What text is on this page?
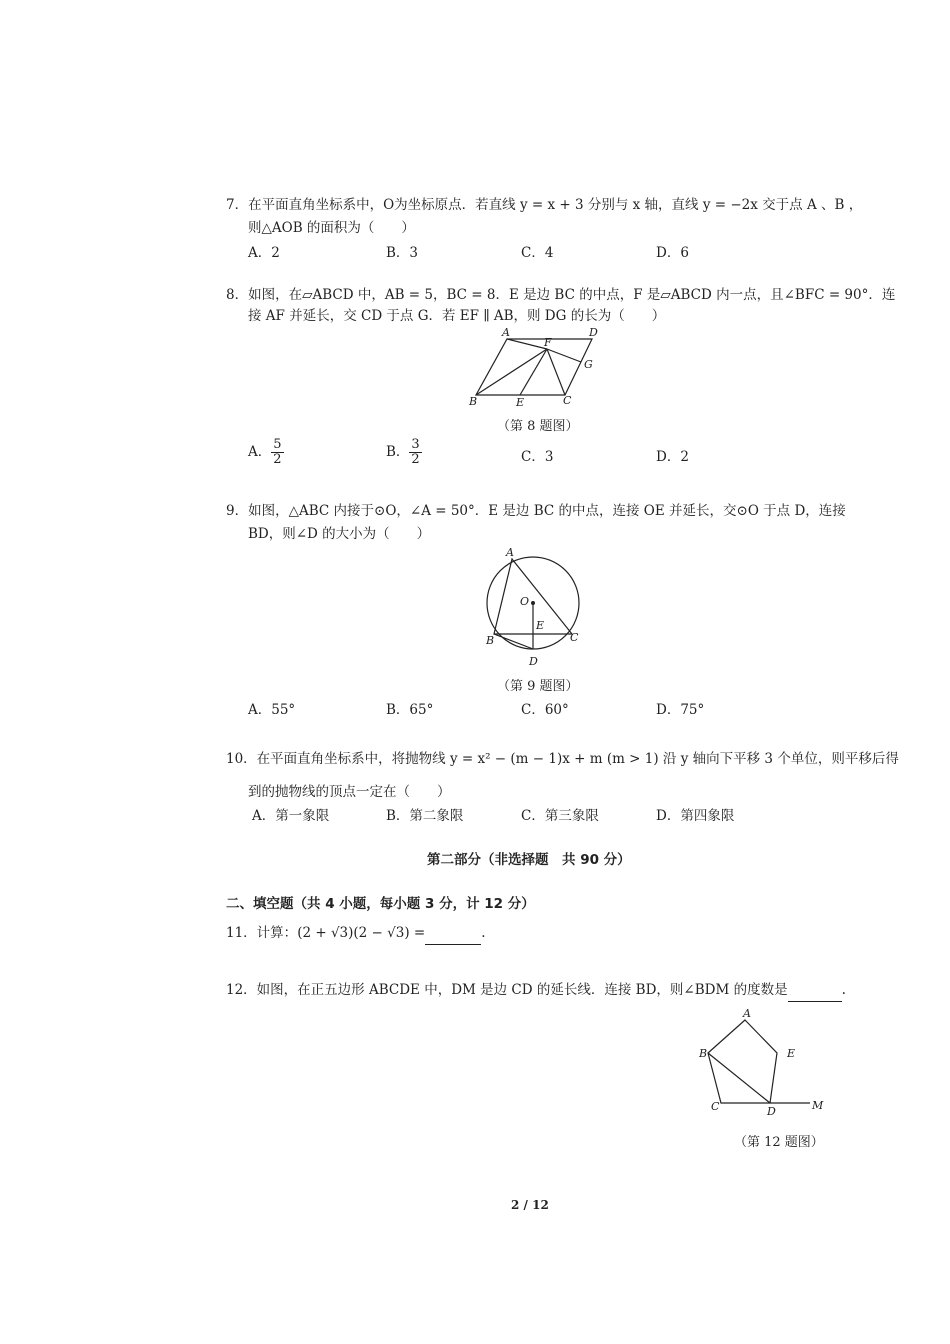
7．在平面直角坐标系中，O为坐标原点．若直线 y = x + 3 分别与 x 轴，直线 y = −2x 交于点 A 、B ，
则△AOB 的面积为（　　）
A．2	B．3	C．4	D．6
8．如图，在▱ABCD 中，AB = 5，BC = 8．E 是边 BC 的中点，F 是▱ABCD 内一点，且∠BFC = 90°．连
接 AF 并延长，交 CD 于点 G．若 EF ∥ AB，则 DG 的长为（　　）
A	D
F
G
B	E	C
（第 8 题图）
A． $\frac{5}{2}$	B． $\frac{3}{2}$	C．3	D．2
9．如图，△ABC 内接于⊙O，∠A = 50°．E 是边 BC 的中点，连接 OE 并延长，交⊙O 于点 D，连接
BD，则∠D 的大小为（　　）
A
O
E
B	C
D
（第 9 题图）
A．55°	B．65°	C．60°	D．75°
10．在平面直角坐标系中，将抛物线 y = x² − (m − 1)x + m (m > 1) 沿 y 轴向下平移 3 个单位，则平移后得
到的抛物线的顶点一定在（　　）
A．第一象限	B．第二象限	C．第三象限	D．第四象限
第二部分（非选择题　共 90 分）
二、填空题（共 4 小题，每小题 3 分，计 12 分）
11．计算：(2 + √3)(2 − √3) =	.
12．如图，在正五边形 ABCDE 中，DM 是边 CD 的延长线．连接 BD，则∠BDM 的度数是	.
A
B	E
C	D	M
（第 12 题图）
2 / 12
